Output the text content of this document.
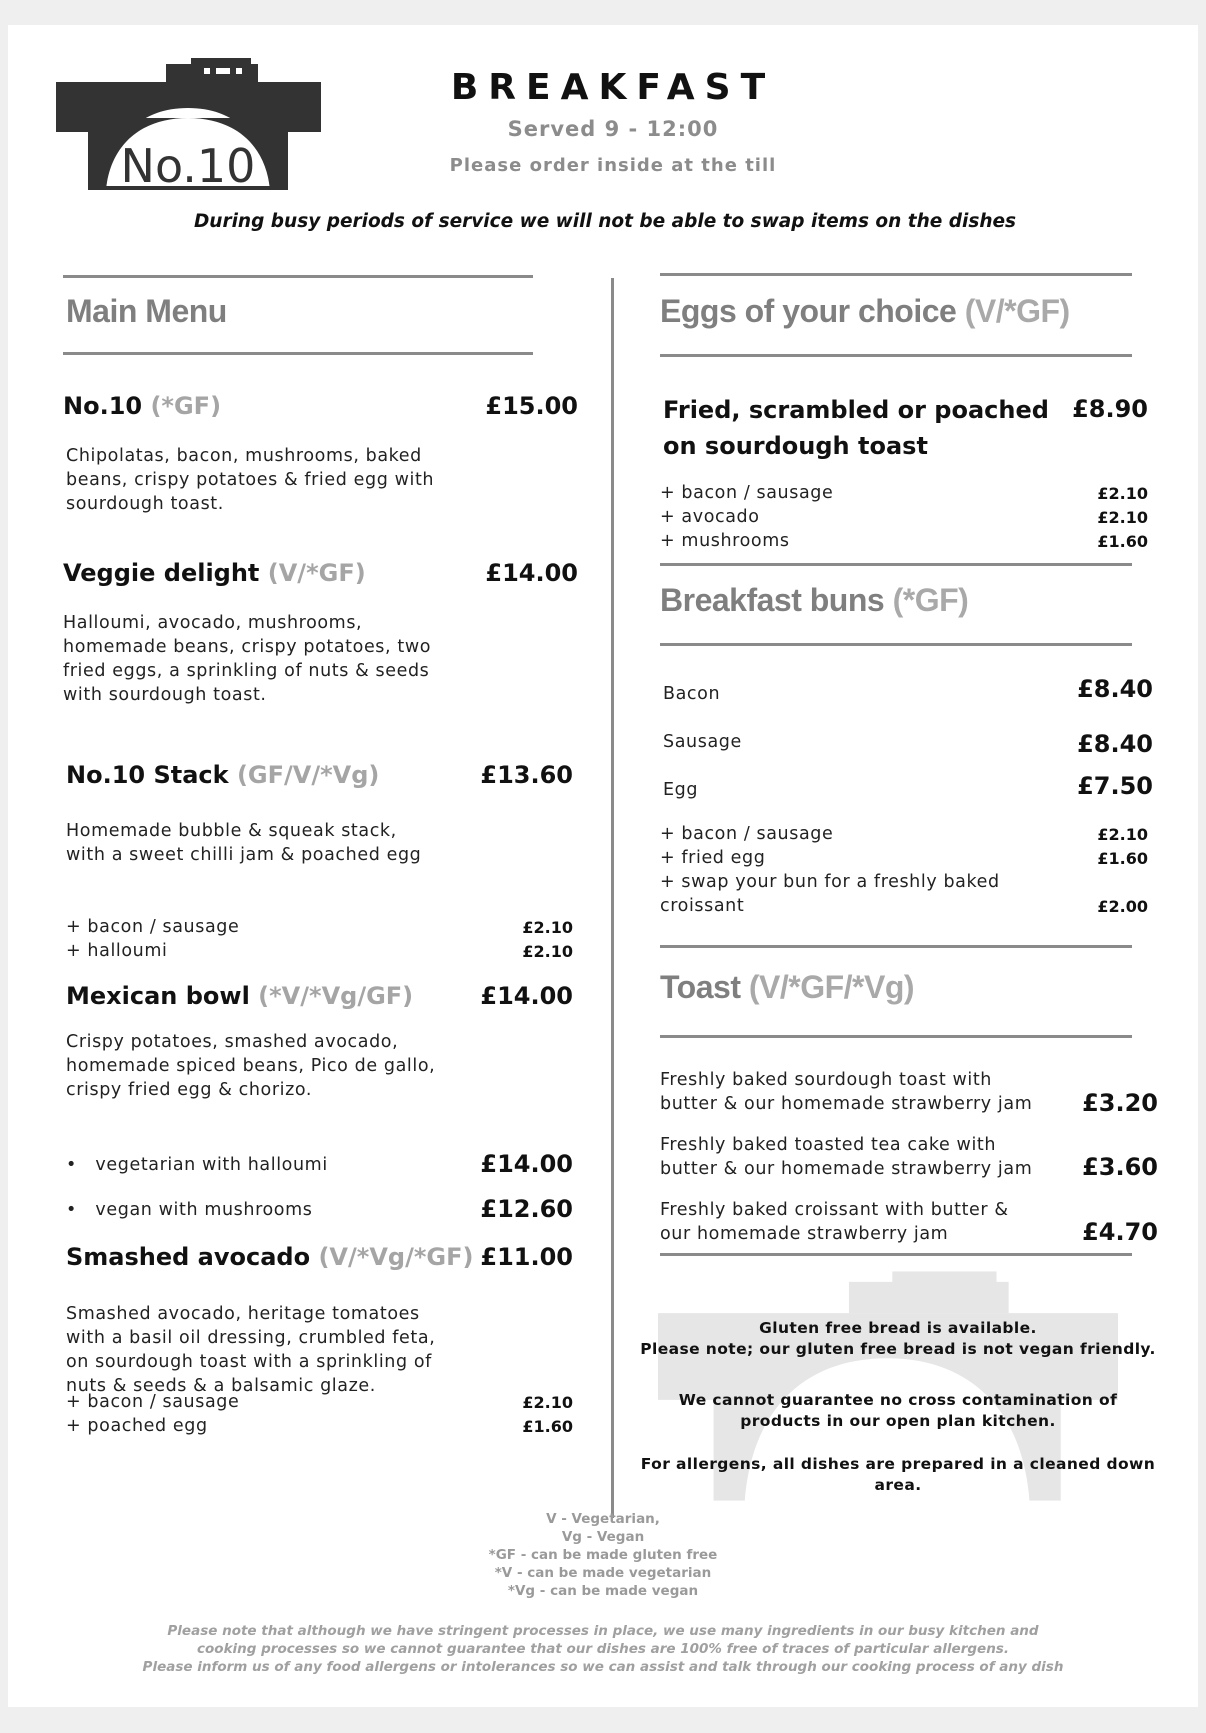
No.10
BREAKFAST
Served 9 - 12:00
Please order inside at the till
During busy periods of service we will not be able to swap items on the dishes
Main Menu
No.10 (*GF)	£15.00
Chipolatas, bacon, mushrooms, baked
beans, crispy potatoes & fried egg with
sourdough toast.
Veggie delight (V/*GF)	£14.00
Halloumi, avocado, mushrooms,
homemade beans, crispy potatoes, two
fried eggs, a sprinkling of nuts & seeds
with sourdough toast.
No.10 Stack (GF/V/*Vg)	£13.60
Homemade bubble & squeak stack,
with a sweet chilli jam & poached egg
+ bacon / sausage	£2.10
+ halloumi	£2.10
Mexican bowl (*V/*Vg/GF)	£14.00
Crispy potatoes, smashed avocado,
homemade spiced beans, Pico de gallo,
crispy fried egg & chorizo.
•   vegetarian with halloumi	£14.00
•   vegan with mushrooms	£12.60
Smashed avocado (V/*Vg/*GF) £11.00
Smashed avocado, heritage tomatoes
with a basil oil dressing, crumbled feta,
on sourdough toast with a sprinkling of
nuts & seeds & a balsamic glaze.
+ bacon / sausage	£2.10
+ poached egg	£1.60
Eggs of your choice (V/*GF)
Fried, scrambled or poached
on sourdough toast
£8.90
+ bacon / sausage	£2.10
+ avocado	£2.10
+ mushrooms	£1.60
Breakfast buns (*GF)
Bacon	£8.40
Sausage	£8.40
Egg	£7.50
+ bacon / sausage	£2.10
+ fried egg	£1.60
+ swap your bun for a freshly baked
croissant	£2.00
Toast (V/*GF/*Vg)
Freshly baked sourdough toast with
butter & our homemade strawberry jam	£3.20
Freshly baked toasted tea cake with
butter & our homemade strawberry jam	£3.60
Freshly baked croissant with butter &
our homemade strawberry jam	£4.70
Gluten free bread is available.
Please note; our gluten free bread is not vegan friendly.
We cannot guarantee no cross contamination of
products in our open plan kitchen.
For allergens, all dishes are prepared in a cleaned down
area.
V - Vegetarian,
Vg - Vegan
*GF - can be made gluten free
*V - can be made vegetarian
*Vg - can be made vegan
Please note that although we have stringent processes in place, we use many ingredients in our busy kitchen and
cooking processes so we cannot guarantee that our dishes are 100% free of traces of particular allergens.
Please inform us of any food allergens or intolerances so we can assist and talk through our cooking process of any dish
